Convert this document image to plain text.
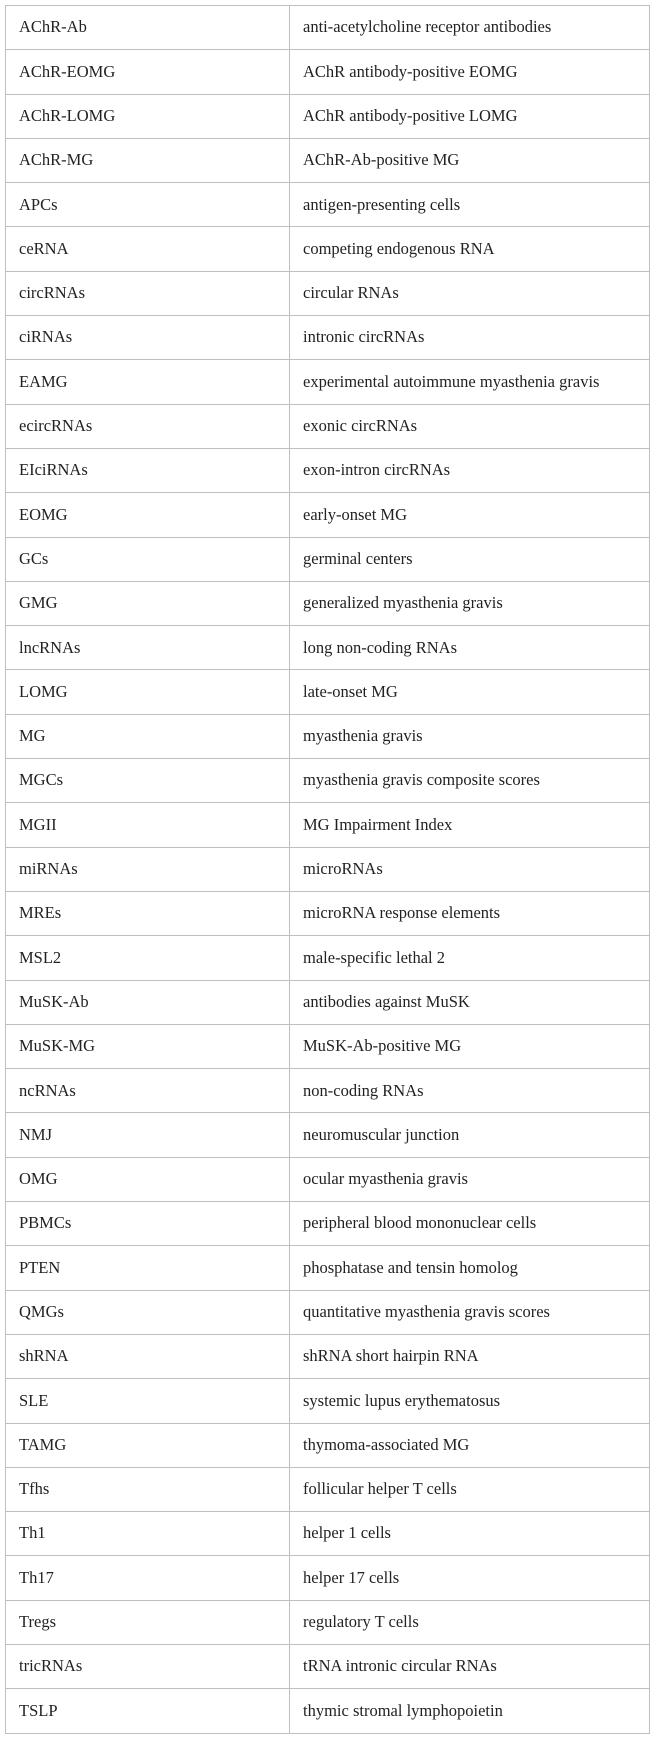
AChR-Ab	anti-acetylcholine receptor antibodies
AChR-EOMG	AChR antibody-positive EOMG
AChR-LOMG	AChR antibody-positive LOMG
AChR-MG	AChR-Ab-positive MG
APCs	antigen-presenting cells
ceRNA	competing endogenous RNA
circRNAs	circular RNAs
ciRNAs	intronic circRNAs
EAMG	experimental autoimmune myasthenia gravis
ecircRNAs	exonic circRNAs
EIciRNAs	exon-intron circRNAs
EOMG	early-onset MG
GCs	germinal centers
GMG	generalized myasthenia gravis
lncRNAs	long non-coding RNAs
LOMG	late-onset MG
MG	myasthenia gravis
MGCs	myasthenia gravis composite scores
MGII	MG Impairment Index
miRNAs	microRNAs
MREs	microRNA response elements
MSL2	male-specific lethal 2
MuSK-Ab	antibodies against MuSK
MuSK-MG	MuSK-Ab-positive MG
ncRNAs	non-coding RNAs
NMJ	neuromuscular junction
OMG	ocular myasthenia gravis
PBMCs	peripheral blood mononuclear cells
PTEN	phosphatase and tensin homolog
QMGs	quantitative myasthenia gravis scores
shRNA	shRNA short hairpin RNA
SLE	systemic lupus erythematosus
TAMG	thymoma-associated MG
Tfhs	follicular helper T cells
Th1	helper 1 cells
Th17	helper 17 cells
Tregs	regulatory T cells
tricRNAs	tRNA intronic circular RNAs
TSLP	thymic stromal lymphopoietin
